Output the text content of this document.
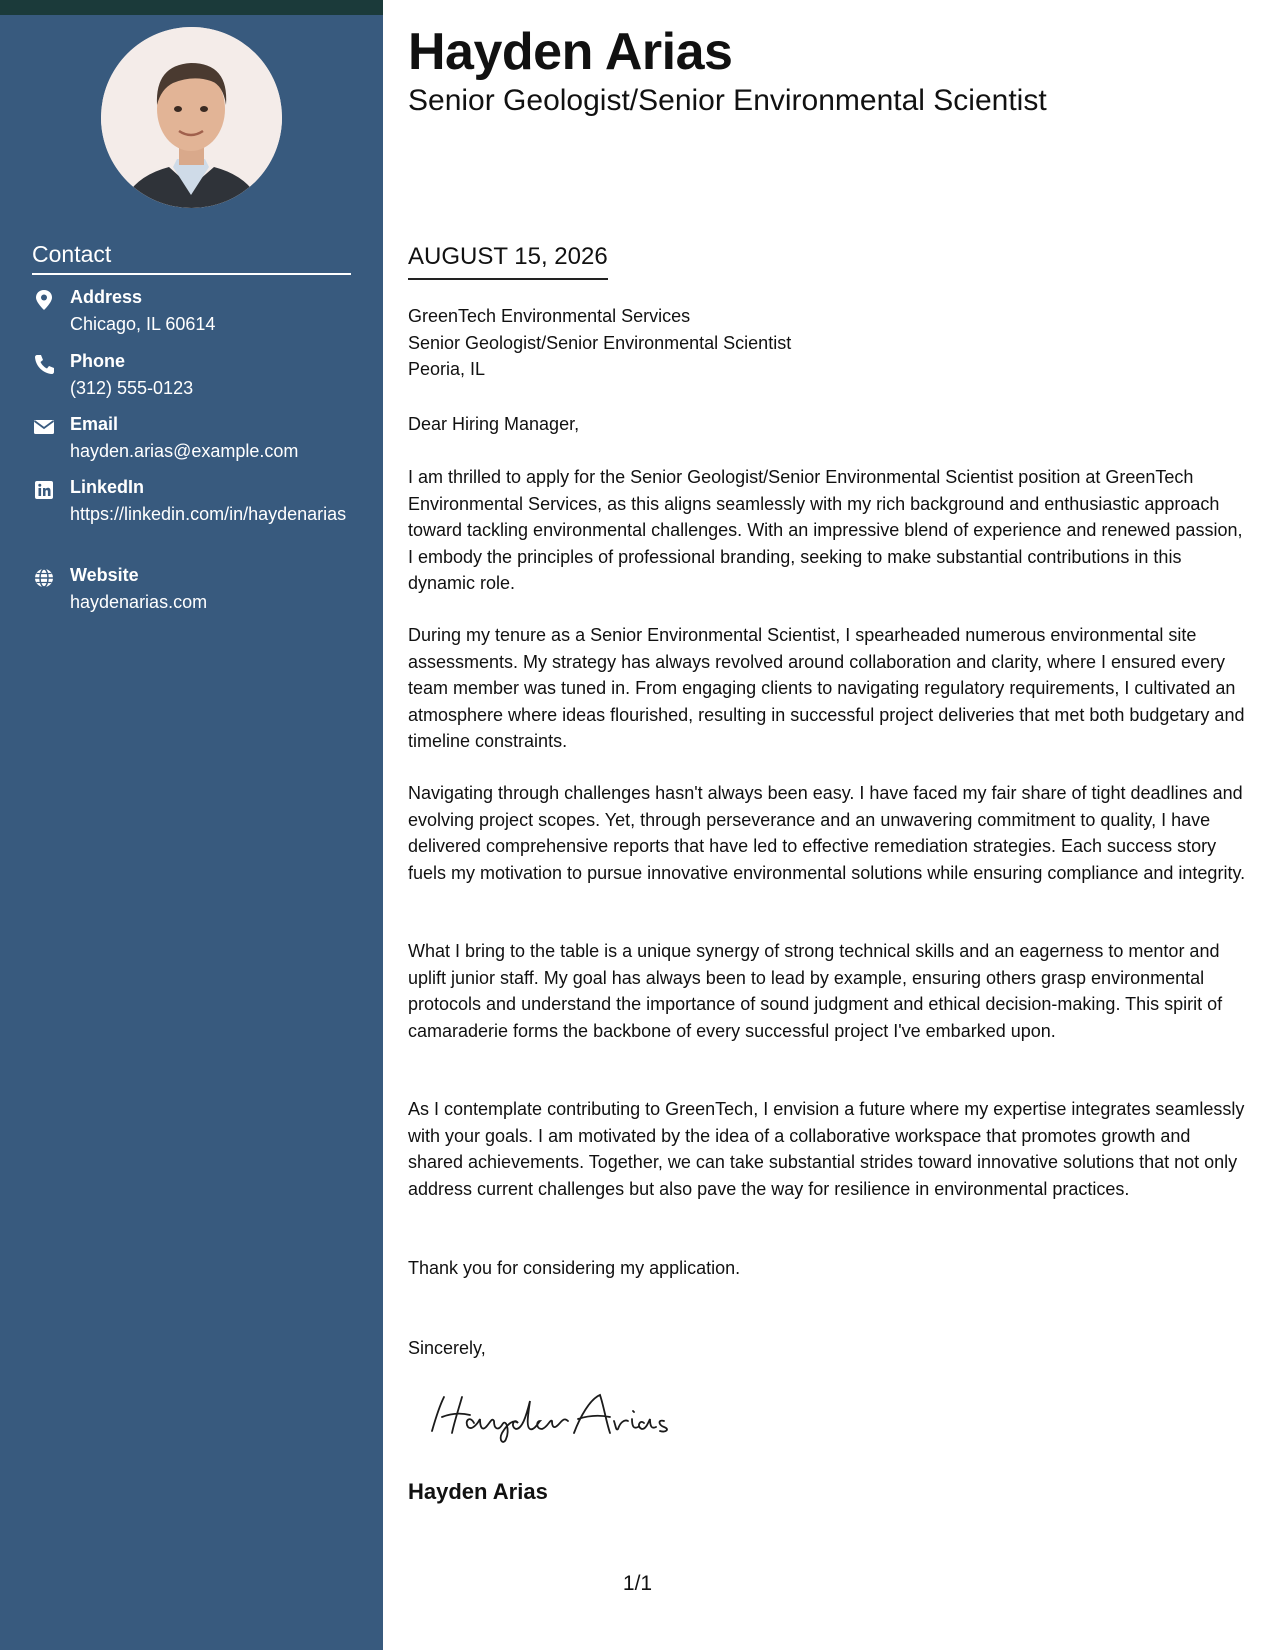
Contact
Address
Chicago, IL 60614
Phone
(312) 555-0123
Email
hayden.arias@example.com
LinkedIn
https://linkedin.com/in/haydenarias
Website
haydenarias.com
Hayden Arias
Senior Geologist/Senior Environmental Scientist
AUGUST 15, 2026
GreenTech Environmental Services
Senior Geologist/Senior Environmental Scientist
Peoria, IL
Dear Hiring Manager,

I am thrilled to apply for the Senior Geologist/Senior Environmental Scientist position at GreenTech Environmental Services, as this aligns seamlessly with my rich background and enthusiastic approach toward tackling environmental challenges. With an impressive blend of experience and renewed passion, I embody the principles of professional branding, seeking to make substantial contributions in this dynamic role.

During my tenure as a Senior Environmental Scientist, I spearheaded numerous environmental site assessments. My strategy has always revolved around collaboration and clarity, where I ensured every team member was tuned in. From engaging clients to navigating regulatory requirements, I cultivated an atmosphere where ideas flourished, resulting in successful project deliveries that met both budgetary and timeline constraints.

Navigating through challenges hasn't always been easy. I have faced my fair share of tight deadlines and evolving project scopes. Yet, through perseverance and an unwavering commitment to quality, I have delivered comprehensive reports that have led to effective remediation strategies. Each success story fuels my motivation to pursue innovative environmental solutions while ensuring compliance and integrity.

What I bring to the table is a unique synergy of strong technical skills and an eagerness to mentor and uplift junior staff. My goal has always been to lead by example, ensuring others grasp environmental protocols and understand the importance of sound judgment and ethical decision-making. This spirit of camaraderie forms the backbone of every successful project I've embarked upon.

As I contemplate contributing to GreenTech, I envision a future where my expertise integrates seamlessly with your goals. I am motivated by the idea of a collaborative workspace that promotes growth and shared achievements. Together, we can take substantial strides toward innovative solutions that not only address current challenges but also pave the way for resilience in environmental practices.

Thank you for considering my application.

Sincerely,
Hayden Arias
1/1
